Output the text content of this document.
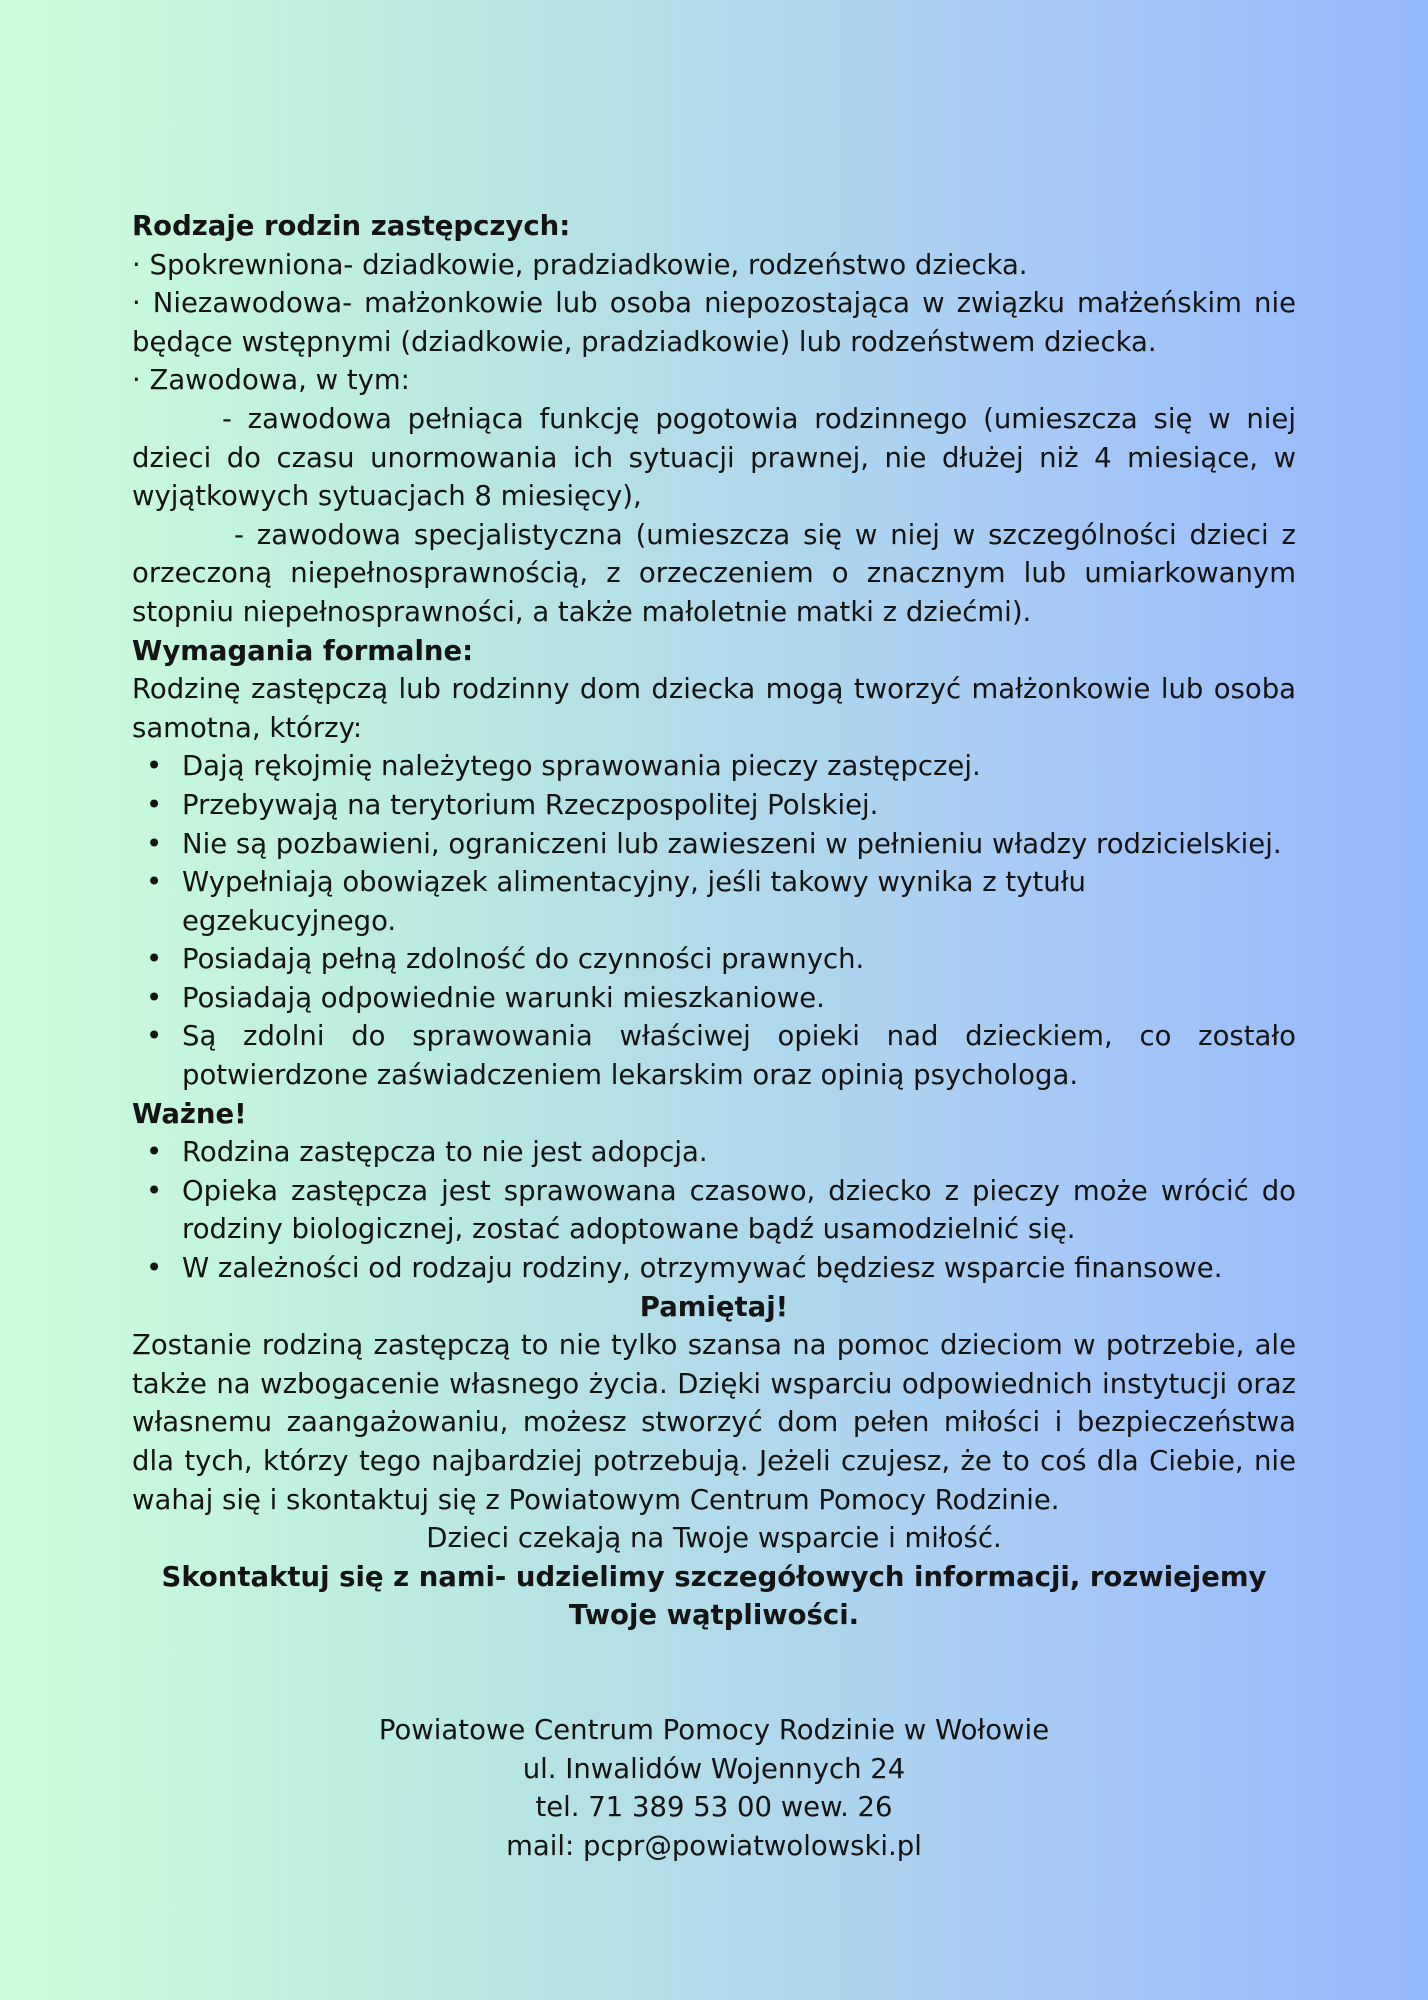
Rodzaje rodzin zastępczych:

· Spokrewniona- dziadkowie, pradziadkowie, rodzeństwo dziecka.

· Niezawodowa- małżonkowie lub osoba niepozostająca w związku małżeńskim nie będące wstępnymi (dziadkowie, pradziadkowie) lub rodzeństwem dziecka.

· Zawodowa, w tym:

- zawodowa pełniąca funkcję pogotowia rodzinnego (umieszcza się w niej dzieci do czasu unormowania ich sytuacji prawnej, nie dłużej niż 4 miesiące, w wyjątkowych sytuacjach 8 miesięcy),

- zawodowa specjalistyczna (umieszcza się w niej w szczególności dzieci z orzeczoną niepełnosprawnością, z orzeczeniem o znacznym lub umiarkowanym stopniu niepełnosprawności, a także małoletnie matki z dziećmi).

Wymagania formalne:

Rodzinę zastępczą lub rodzinny dom dziecka mogą tworzyć małżonkowie lub osoba samotna, którzy:

• Dają rękojmię należytego sprawowania pieczy zastępczej.
• Przebywają na terytorium Rzeczpospolitej Polskiej.
• Nie są pozbawieni, ograniczeni lub zawieszeni w pełnieniu władzy rodzicielskiej.
• Wypełniają obowiązek alimentacyjny, jeśli takowy wynika z tytułu egzekucyjnego.
• Posiadają pełną zdolność do czynności prawnych.
• Posiadają odpowiednie warunki mieszkaniowe.
• Są zdolni do sprawowania właściwej opieki nad dzieckiem, co zostało potwierdzone zaświadczeniem lekarskim oraz opinią psychologa.

Ważne!

• Rodzina zastępcza to nie jest adopcja.
• Opieka zastępcza jest sprawowana czasowo, dziecko z pieczy może wrócić do rodziny biologicznej, zostać adoptowane bądź usamodzielnić się.
• W zależności od rodzaju rodziny, otrzymywać będziesz wsparcie finansowe.

Pamiętaj!

Zostanie rodziną zastępczą to nie tylko szansa na pomoc dzieciom w potrzebie, ale także na wzbogacenie własnego życia. Dzięki wsparciu odpowiednich instytucji oraz własnemu zaangażowaniu, możesz stworzyć dom pełen miłości i bezpieczeństwa dla tych, którzy tego najbardziej potrzebują. Jeżeli czujesz, że to coś dla Ciebie, nie wahaj się i skontaktuj się z Powiatowym Centrum Pomocy Rodzinie.

Dzieci czekają na Twoje wsparcie i miłość.

Skontaktuj się z nami- udzielimy szczegółowych informacji, rozwiejemy Twoje wątpliwości.

Powiatowe Centrum Pomocy Rodzinie w Wołowie

ul. Inwalidów Wojennych 24

tel. 71 389 53 00 wew. 26

mail: pcpr@powiatwolowski.pl
